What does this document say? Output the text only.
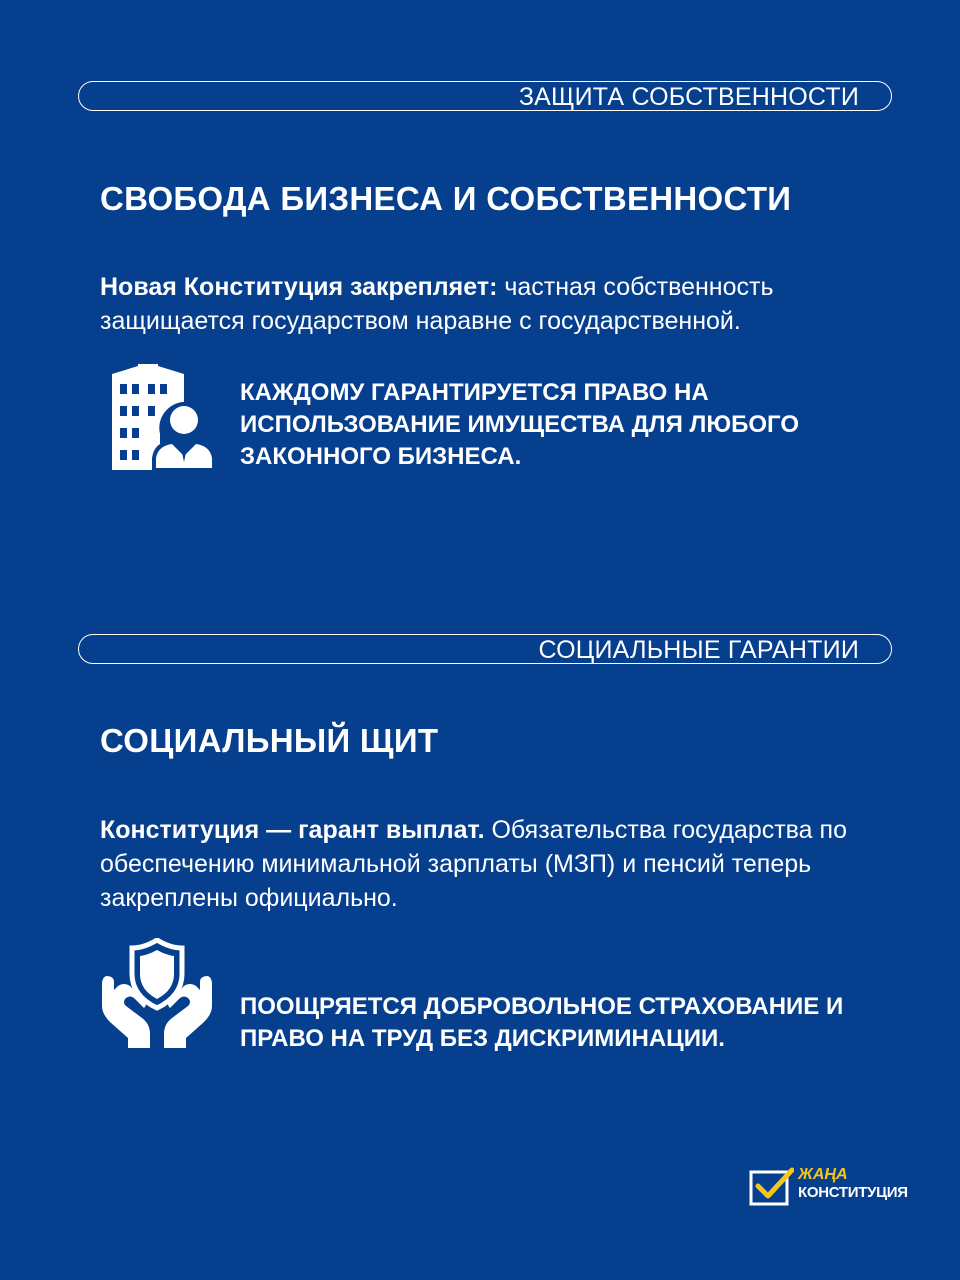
ЗАЩИТА СОБСТВЕННОСТИ
СВОБОДА БИЗНЕСА И СОБСТВЕННОСТИ

Новая Конституция закрепляет: частная собственность защищается государством наравне с государственной.

КАЖДОМУ ГАРАНТИРУЕТСЯ ПРАВО НА ИСПОЛЬЗОВАНИЕ ИМУЩЕСТВА ДЛЯ ЛЮБОГО ЗАКОННОГО БИЗНЕСА.

СОЦИАЛЬНЫЕ ГАРАНТИИ
СОЦИАЛЬНЫЙ ЩИТ

Конституция — гарант выплат. Обязательства государства по обеспечению минимальной зарплаты (МЗП) и пенсий теперь закреплены официально.

ПООЩРЯЕТСЯ ДОБРОВОЛЬНОЕ СТРАХОВАНИЕ И ПРАВО НА ТРУД БЕЗ ДИСКРИМИНАЦИИ.

ЖАҢА
КОНСТИТУЦИЯ
